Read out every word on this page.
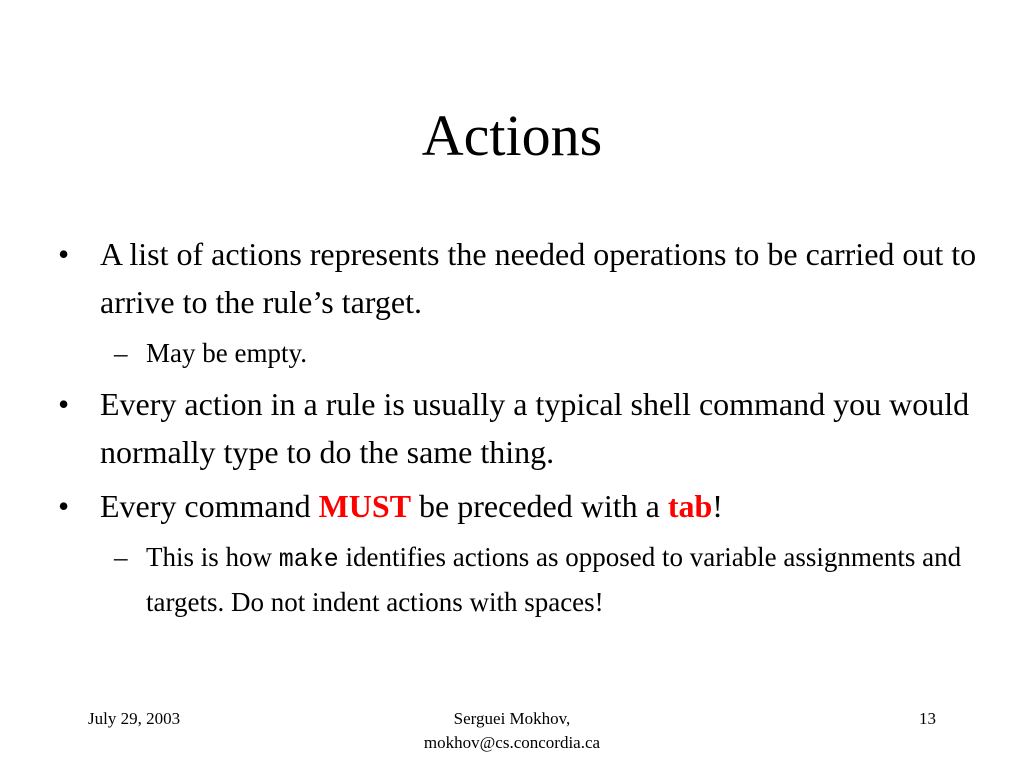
Actions
• A list of actions represents the needed operations to be carried out to arrive to the rule’s target.
– May be empty.
• Every action in a rule is usually a typical shell command you would normally type to do the same thing.
• Every command MUST be preceded with a tab!
– This is how make identifies actions as opposed to variable assignments and targets. Do not indent actions with spaces!
July 29, 2003	Serguei Mokhov,
mokhov@cs.concordia.ca
13
